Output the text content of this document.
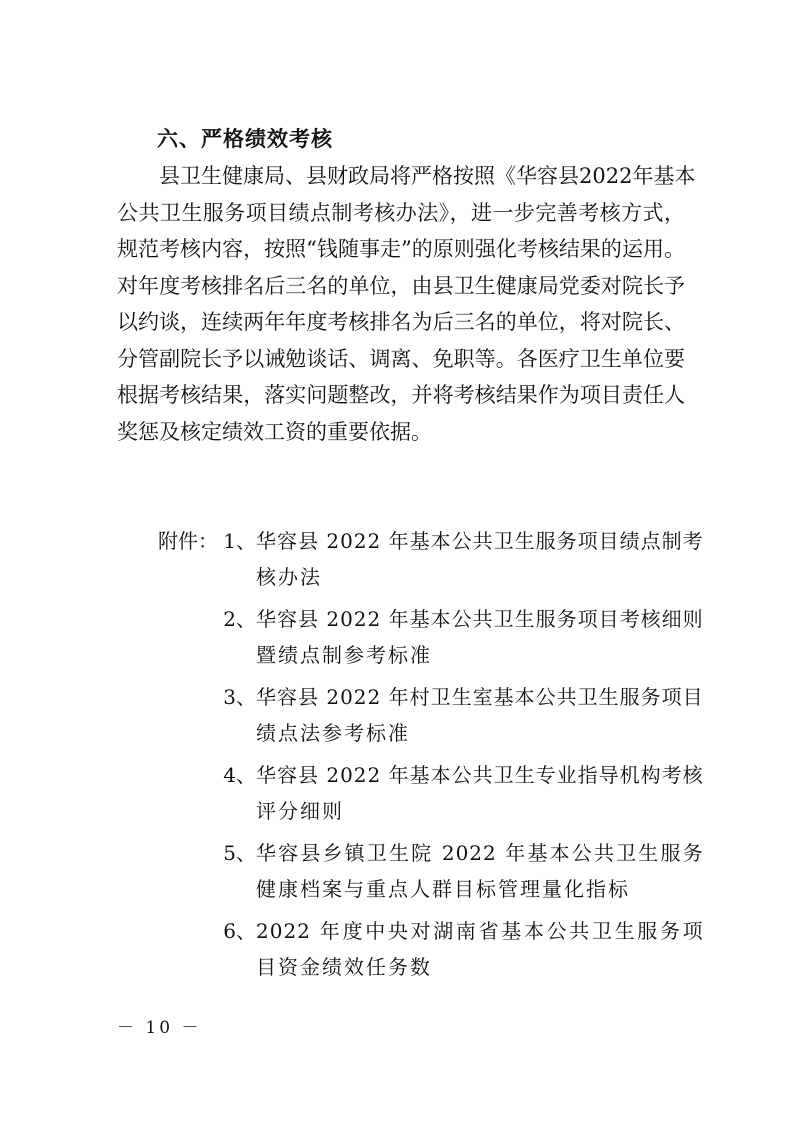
六、严格绩效考核
县卫生健康局、县财政局将严格按照《华容县2022年基本
公共卫生服务项目绩点制考核办法》，进一步完善考核方式，
规范考核内容，按照“钱随事走”的原则强化考核结果的运用。
对年度考核排名后三名的单位，由县卫生健康局党委对院长予
以约谈，连续两年年度考核排名为后三名的单位，将对院长、
分管副院长予以诫勉谈话、调离、免职等。各医疗卫生单位要
根据考核结果，落实问题整改，并将考核结果作为项目责任人
奖惩及核定绩效工资的重要依据。
附件： 1、 华容县 2022 年基本公共卫生服务项目绩点制考
核办法
2、 华容县 2022 年基本公共卫生服务项目考核细则
暨绩点制参考标准
3、 华容县 2022 年村卫生室基本公共卫生服务项目
绩点法参考标准
4、 华容县 2022 年基本公共卫生专业指导机构考核
评分细则
5、 华容县乡镇卫生院 2022 年基本公共卫生服务
健康档案与重点人群目标管理量化指标
6、 2022 年度中央对湖南省基本公共卫生服务项
目资金绩效任务数
－ 10 －
